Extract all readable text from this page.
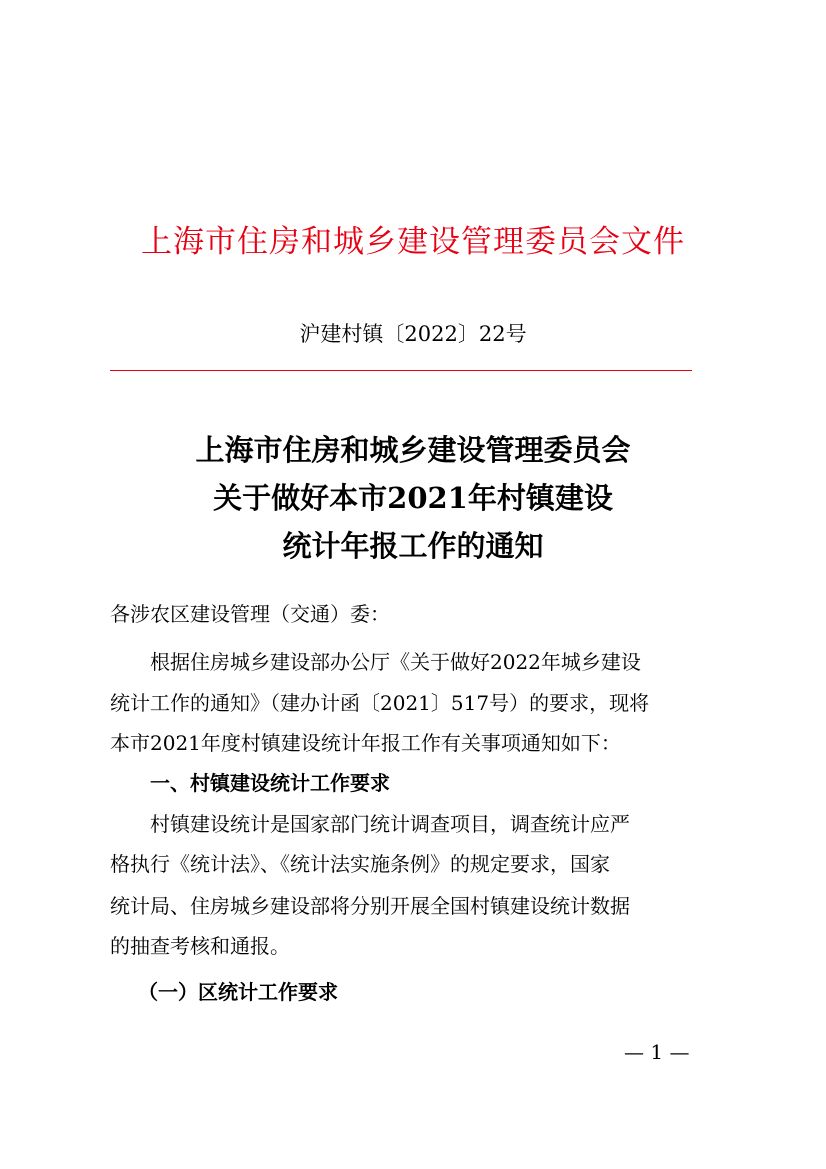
上海市住房和城乡建设管理委员会文件
沪建村镇〔2022〕22号
上海市住房和城乡建设管理委员会
关于做好本市2021年村镇建设
统计年报工作的通知
各涉农区建设管理（交通）委：
根据住房城乡建设部办公厅《关于做好2022年城乡建设
统计工作的通知》（建办计函〔2021〕517号）的要求，现将
本市2021年度村镇建设统计年报工作有关事项通知如下：
一、村镇建设统计工作要求
村镇建设统计是国家部门统计调查项目，调查统计应严
格执行《统计法》、《统计法实施条例》的规定要求，国家
统计局、住房城乡建设部将分别开展全国村镇建设统计数据
的抽查考核和通报。
（一）区统计工作要求
— 1 —
